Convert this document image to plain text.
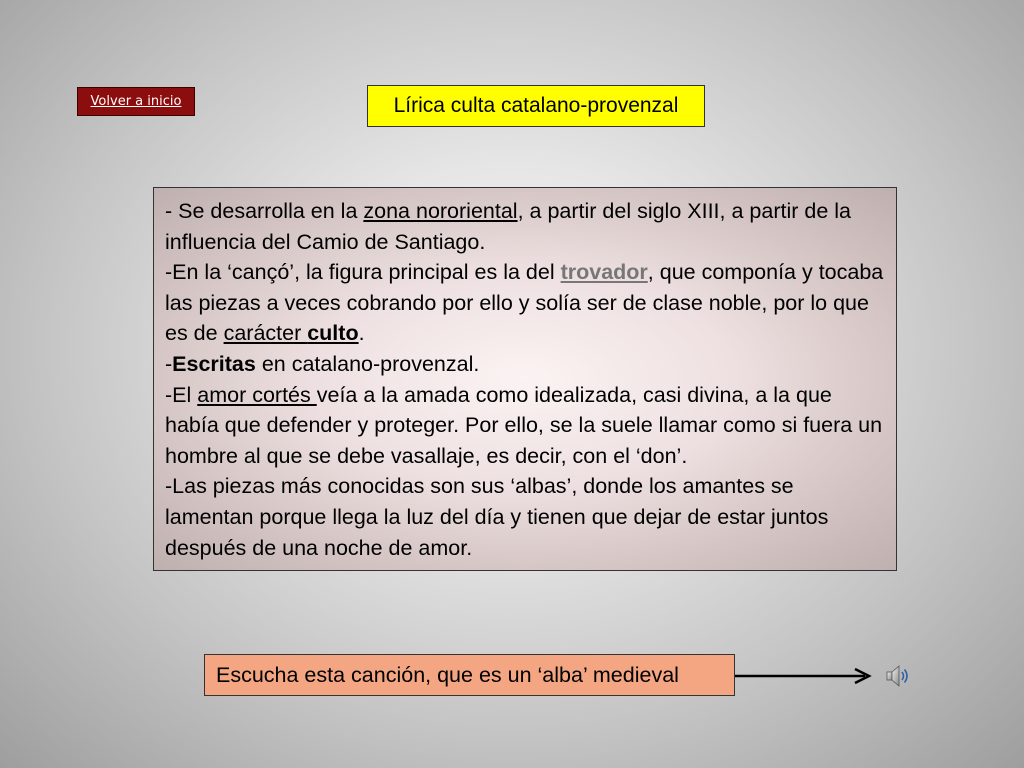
Volver a inicio	Lírica culta catalano-provenzal

- Se desarrolla en la zona nororiental, a partir del siglo XIII, a partir de la influencia del Camio de Santiago.

-En la ‘cançó’, la figura principal es la del trovador, que componía y tocaba las piezas a veces cobrando por ello y solía ser de clase noble, por lo que es de carácter culto.

-Escritas en catalano-provenzal.

-El amor cortés veía a la amada como idealizada, casi divina, a la que había que defender y proteger. Por ello, se la suele llamar como si fuera un hombre al que se debe vasallaje, es decir, con el ‘don’.

-Las piezas más conocidas son sus ‘albas’, donde los amantes se lamentan porque llega la luz del día y tienen que dejar de estar juntos después de una noche de amor.

Escucha esta canción, que es un ‘alba’ medieval
